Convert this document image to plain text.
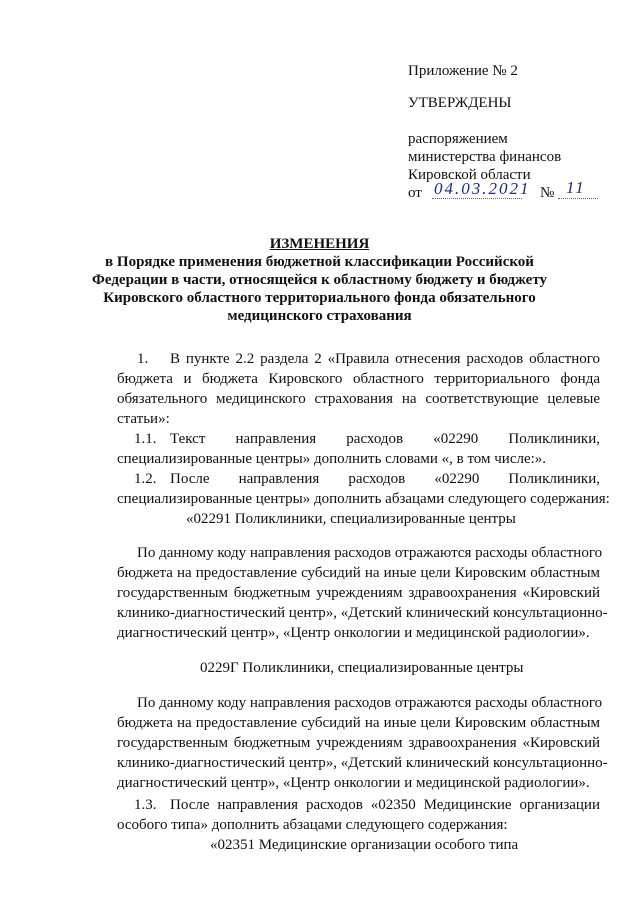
Приложение № 2
УТВЕРЖДЕНЫ
распоряжением
министерства финансов
Кировской области
от 04.03.2021 № 11
ИЗМЕНЕНИЯ
в Порядке применения бюджетной классификации Российской
Федерации в части, относящейся к областному бюджету и бюджету
Кировского областного территориального фонда обязательного
медицинского страхования
1. В пункте 2.2 раздела 2 «Правила отнесения расходов областного
бюджета и бюджета Кировского областного территориального фонда
обязательного медицинского страхования на соответствующие целевые
статьи»:
1.1. Текст направления расходов «02290 Поликлиники,
специализированные центры» дополнить словами «, в том числе:».
1.2. После направления расходов «02290 Поликлиники,
специализированные центры» дополнить абзацами следующего содержания:
«02291 Поликлиники, специализированные центры
По данному коду направления расходов отражаются расходы областного
бюджета на предоставление субсидий на иные цели Кировским областным
государственным бюджетным учреждениям здравоохранения «Кировский
клинико-диагностический центр», «Детский клинический консультационно-
диагностический центр», «Центр онкологии и медицинской радиологии».
0229Г Поликлиники, специализированные центры
По данному коду направления расходов отражаются расходы областного
бюджета на предоставление субсидий на иные цели Кировским областным
государственным бюджетным учреждениям здравоохранения «Кировский
клинико-диагностический центр», «Детский клинический консультационно-
диагностический центр», «Центр онкологии и медицинской радиологии».
1.3. После направления расходов «02350 Медицинские организации
особого типа» дополнить абзацами следующего содержания:
«02351 Медицинские организации особого типа
